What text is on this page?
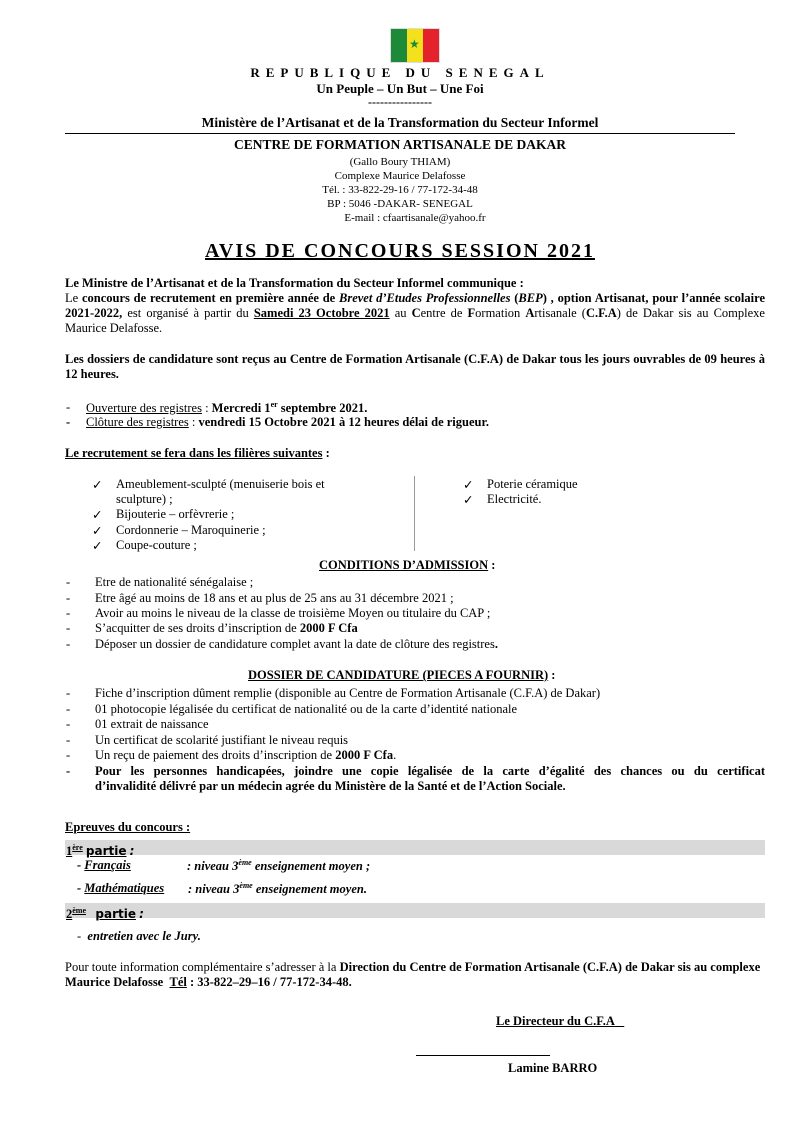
★
REPUBLIQUE DU SENEGAL
Un Peuple – Un But – Une Foi
----------------
Ministère de l’Artisanat et de la Transformation du Secteur Informel
CENTRE DE FORMATION ARTISANALE DE DAKAR
(Gallo Boury THIAM)
Complexe Maurice Delafosse
Tél. : 33-822-29-16 / 77-172-34-48
BP : 5046 -DAKAR- SENEGAL
E-mail : cfaartisanale@yahoo.fr
AVIS DE CONCOURS SESSION 2021
Le Ministre de l’Artisanat et de la Transformation du Secteur Informel communique :
Le concours de recrutement en première année de Brevet d’Etudes Professionnelles (BEP) , option Artisanat, pour l’année scolaire 2021-2022, est organisé à partir du Samedi 23 Octobre 2021 au Centre de Formation Artisanale (C.F.A) de Dakar sis au Complexe Maurice Delafosse.
Les dossiers de candidature sont reçus au Centre de Formation Artisanale (C.F.A) de Dakar tous les jours ouvrables de 09 heures à 12 heures.
- Ouverture des registres : Mercredi 1er septembre 2021.
- Clôture des registres : vendredi 15 Octobre 2021 à 12 heures délai de rigueur.
Le recrutement se fera dans les filières suivantes :
✓ Ameublement-sculpté (menuiserie bois et
sculpture) ;
✓ Bijouterie – orfèvrerie ;
✓ Cordonnerie – Maroquinerie ;
✓ Coupe-couture ;
✓ Poterie céramique
✓ Electricité.
CONDITIONS D’ADMISSION :
- Etre de nationalité sénégalaise ;
- Etre âgé au moins de 18 ans et au plus de 25 ans au 31 décembre 2021 ;
- Avoir au moins le niveau de la classe de troisième Moyen ou titulaire du CAP ;
- S’acquitter de ses droits d’inscription de 2000 F Cfa
- Déposer un dossier de candidature complet avant la date de clôture des registres.
DOSSIER DE CANDIDATURE (PIECES A FOURNIR) :
- Fiche d’inscription dûment remplie (disponible au Centre de Formation Artisanale (C.F.A) de Dakar)
- 01 photocopie légalisée du certificat de nationalité ou de la carte d’identité nationale
- 01 extrait de naissance
- Un certificat de scolarité justifiant le niveau requis
- Un reçu de paiement des droits d’inscription de 2000 F Cfa.
- Pour les personnes handicapées, joindre une copie légalisée de la carte d’égalité des chances ou du certificat
d’invalidité délivré par un médecin agrée du Ministère de la Santé et de l’Action Sociale.
Epreuves du concours :
1ère partie :
- Français	: niveau 3ème enseignement moyen ;
- Mathématiques : niveau 3ème enseignement moyen.
2ème partie :
- entretien avec le Jury.
Pour toute information complémentaire s’adresser à la Direction du Centre de Formation Artisanale (C.F.A) de Dakar sis au complexe Maurice Delafosse Tél : 33-822–29–16 / 77-172-34-48.
Le Directeur du C.F.A
Lamine BARRO
